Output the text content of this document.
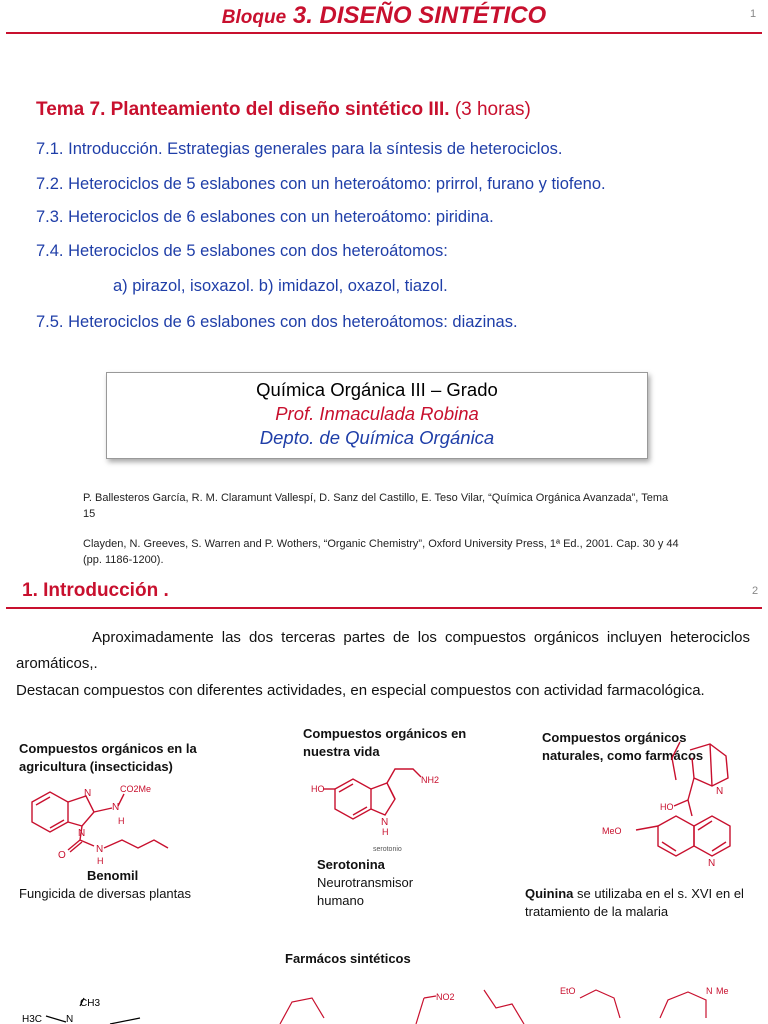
Bloque 3. DISEÑO SINTÉTICO	1
Tema 7. Planteamiento del diseño sintético III. (3 horas)
7.1. Introducción. Estrategias generales para la síntesis de heterociclos.
7.2. Heterociclos de 5 eslabones con un heteroátomo: prirrol, furano y tiofeno.
7.3. Heterociclos de 6 eslabones con un heteroátomo: piridina.
7.4. Heterociclos de 5 eslabones con dos heteroátomos:
a) pirazol, isoxazol. b) imidazol, oxazol, tiazol.
7.5. Heterociclos de 6 eslabones con dos heteroátomos: diazinas.
Química Orgánica III – Grado
Prof. Inmaculada Robina
Depto. de Química Orgánica
P. Ballesteros García, R. M. Claramunt Vallespí, D. Sanz del Castillo, E. Teso Vilar, “Química Orgánica Avanzada”, Tema 15
Clayden, N. Greeves, S. Warren and P. Wothers, “Organic Chemistry”, Oxford University Press, 1ª Ed., 2001. Cap. 30 y 44 (pp. 1186-1200).
1. Introducción .	2
Aproximadamente las dos terceras partes de los compuestos orgánicos incluyen heterociclos aromáticos,.
Destacan compuestos con diferentes actividades, en especial compuestos con actividad farmacológica.
Compuestos orgánicos en la agricultura (insecticidas)
N
N
H
CO2Me
N
O
N
H
Benomil
Fungicida de diversas plantas
Compuestos orgánicos en nuestra vida
HO
NH2
N
H
serotonio
Serotonina
Neurotransmisor humano
Compuestos orgánicos naturales, como farmácos
N
HO
MeO
N
Quinina se utilizaba en el s. XVI en el tratamiento de la malaria
Farmácos sintéticos
H3C N
CH3
NO2
EtO	N Me
